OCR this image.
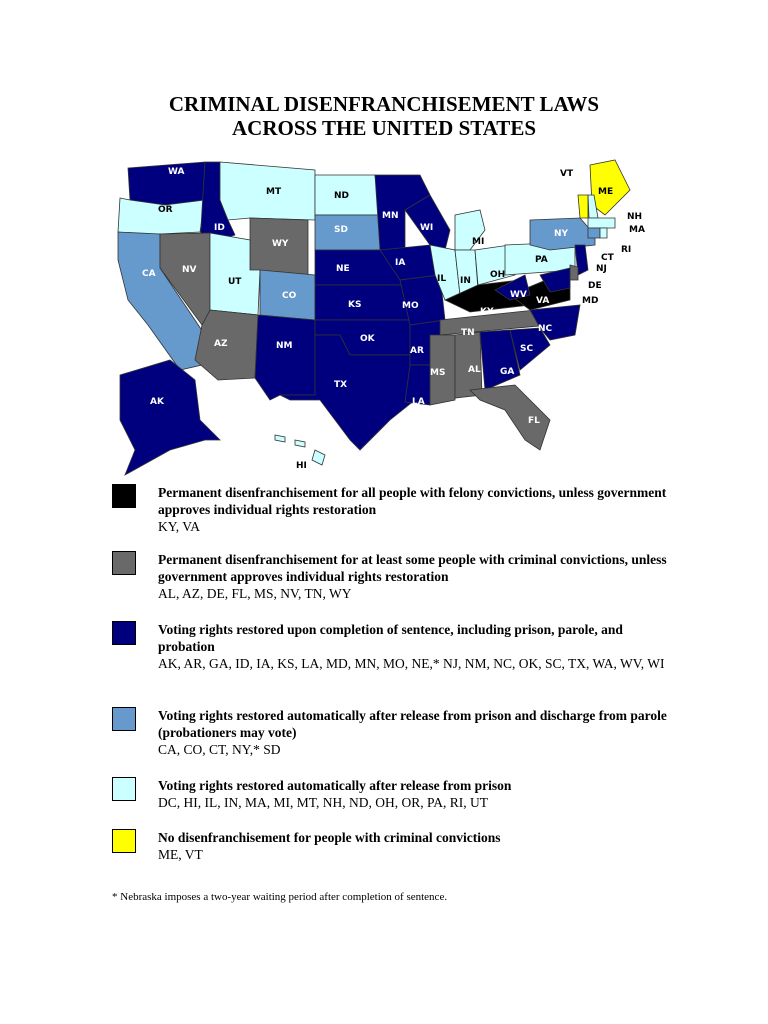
CRIMINAL DISENFRANCHISEMENT LAWS
ACROSS THE UNITED STATES
WA
OR
CA
ID
NV
MT
WY
UT
CO
AZ	NM
ND
SD
NE
KS
OK
TX
MN
IA
MO
AR
LA
WI
IL
MI
IN
OH
KY
TN
MS	AL GA
FL
SC
NC
VA
WV
PA
NY
NJ
DE
MD
VT
ME
NH
MA
CT
RI
AK
HI
Permanent disenfranchisement for all people with felony convictions, unless government approves individual rights restoration
KY, VA
Permanent disenfranchisement for at least some people with criminal convictions, unless government approves individual rights restoration
AL, AZ, DE, FL, MS, NV, TN, WY
Voting rights restored upon completion of sentence, including prison, parole, and probation
AK, AR, GA, ID, IA, KS, LA, MD, MN, MO, NE,* NJ, NM, NC, OK, SC, TX, WA, WV, WI
Voting rights restored automatically after release from prison and discharge from parole (probationers may vote)
CA, CO, CT, NY,* SD
Voting rights restored automatically after release from prison
DC, HI, IL, IN, MA, MI, MT, NH, ND, OH, OR, PA, RI, UT
No disenfranchisement for people with criminal convictions
ME, VT
* Nebraska imposes a two-year waiting period after completion of sentence.
